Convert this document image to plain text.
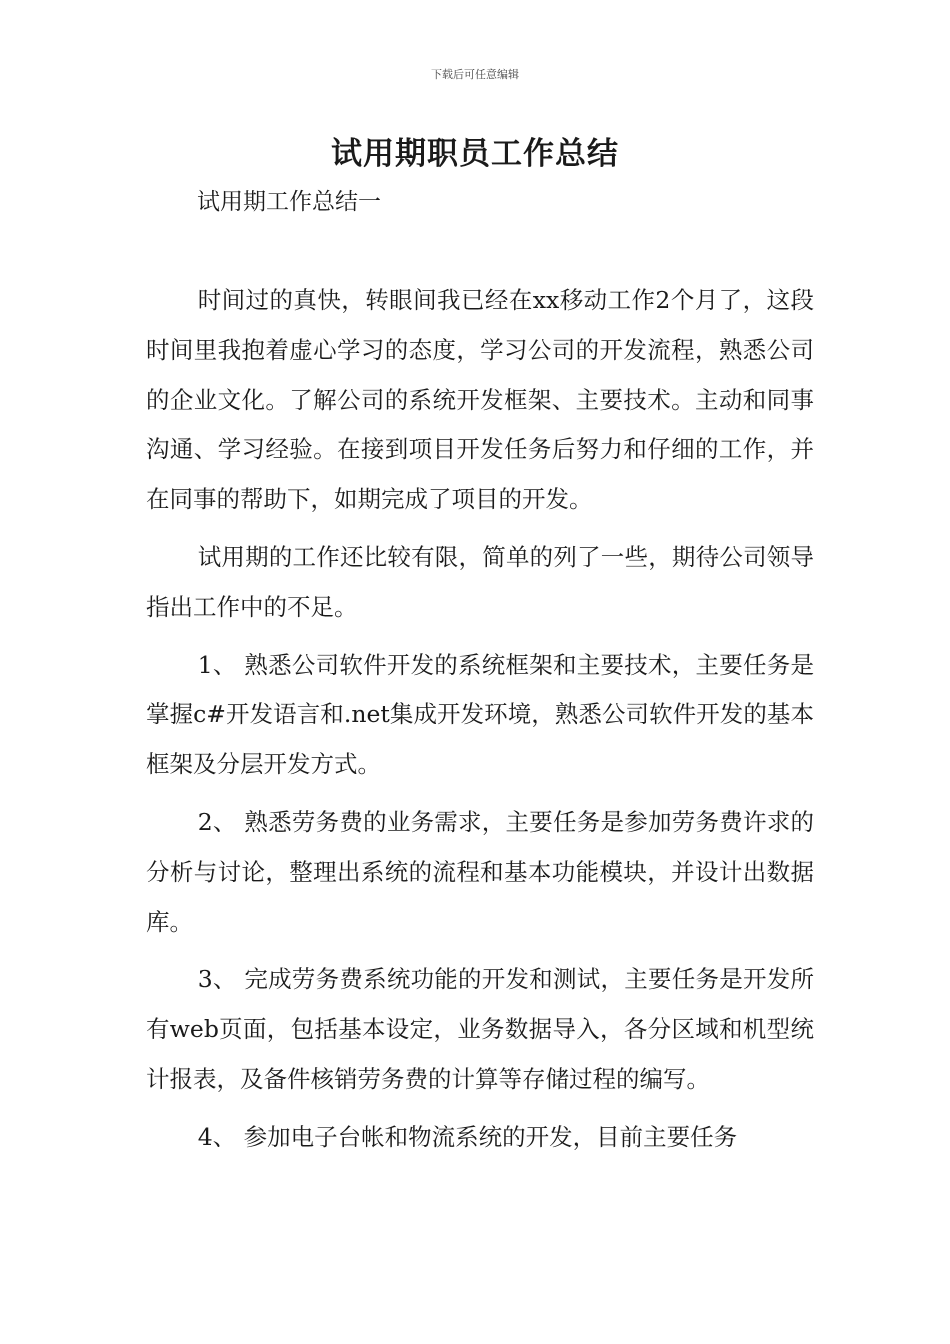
下载后可任意编辑
试用期职员工作总结
试用期工作总结一

时间过的真快，转眼间我已经在xx移动工作2个月了，这段时间里我抱着虚心学习的态度，学习公司的开发流程，熟悉公司的企业文化。了解公司的系统开发框架、主要技术。主动和同事沟通、学习经验。在接到项目开发任务后努力和仔细的工作，并在同事的帮助下，如期完成了项目的开发。

试用期的工作还比较有限，简单的列了一些，期待公司领导指出工作中的不足。

1、 熟悉公司软件开发的系统框架和主要技术，主要任务是掌握c#开发语言和.net集成开发环境，熟悉公司软件开发的基本框架及分层开发方式。

2、 熟悉劳务费的业务需求，主要任务是参加劳务费许求的分析与讨论，整理出系统的流程和基本功能模块，并设计出数据库。

3、 完成劳务费系统功能的开发和测试，主要任务是开发所有web页面，包括基本设定，业务数据导入，各分区域和机型统计报表，及备件核销劳务费的计算等存储过程的编写。

4、 参加电子台帐和物流系统的开发，目前主要任务
